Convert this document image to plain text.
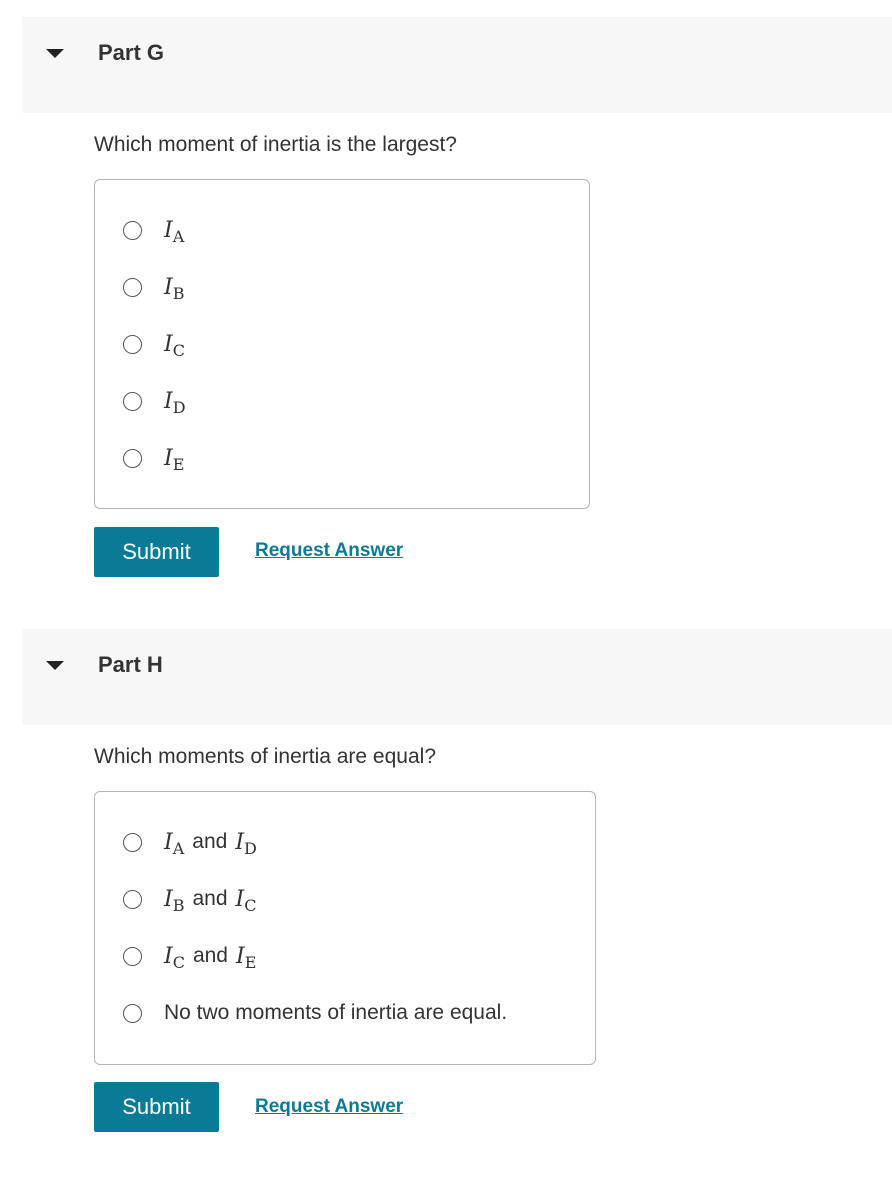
Part G
Which moment of inertia is the largest?
$I_A$
$I_B$
$I_C$
$I_D$
$I_E$
Submit	Request Answer
Part H
Which moments of inertia are equal?
$I_A$ and $I_D$
$I_B$ and $I_C$
$I_C$ and $I_E$
No two moments of inertia are equal.
Submit	Request Answer
